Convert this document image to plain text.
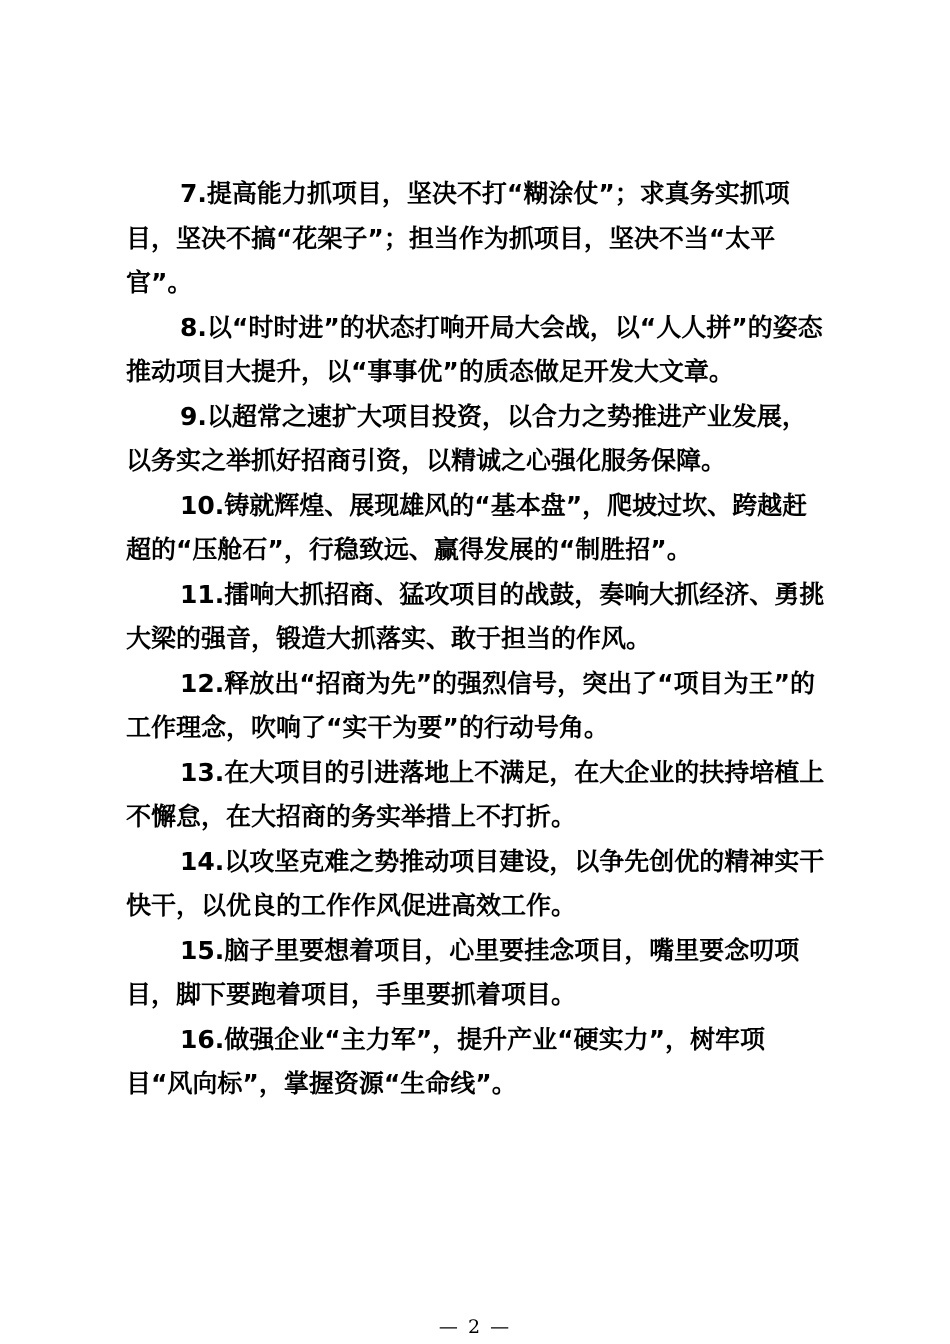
7.提高能力抓项目，坚决不打“糊涂仗”；求真务实抓项目，坚决不搞“花架子”；担当作为抓项目，坚决不当“太平官”。

8.以“时时进”的状态打响开局大会战，以“人人拼”的姿态推动项目大提升，以“事事优”的质态做足开发大文章。

9.以超常之速扩大项目投资，以合力之势推进产业发展，以务实之举抓好招商引资，以精诚之心强化服务保障。

10.铸就辉煌、展现雄风的“基本盘”，爬坡过坎、跨越赶超的“压舱石”，行稳致远、赢得发展的“制胜招”。

11.擂响大抓招商、猛攻项目的战鼓，奏响大抓经济、勇挑大梁的强音，锻造大抓落实、敢于担当的作风。

12.释放出“招商为先”的强烈信号，突出了“项目为王”的工作理念，吹响了“实干为要”的行动号角。

13.在大项目的引进落地上不满足，在大企业的扶持培植上不懈怠，在大招商的务实举措上不打折。

14.以攻坚克难之势推动项目建设，以争先创优的精神实干快干，以优良的工作作风促进高效工作。

15.脑子里要想着项目，心里要挂念项目，嘴里要念叨项目，脚下要跑着项目，手里要抓着项目。

16.做强企业“主力军”，提升产业“硬实力”，树牢项目“风向标”，掌握资源“生命线”。

— 2 —
